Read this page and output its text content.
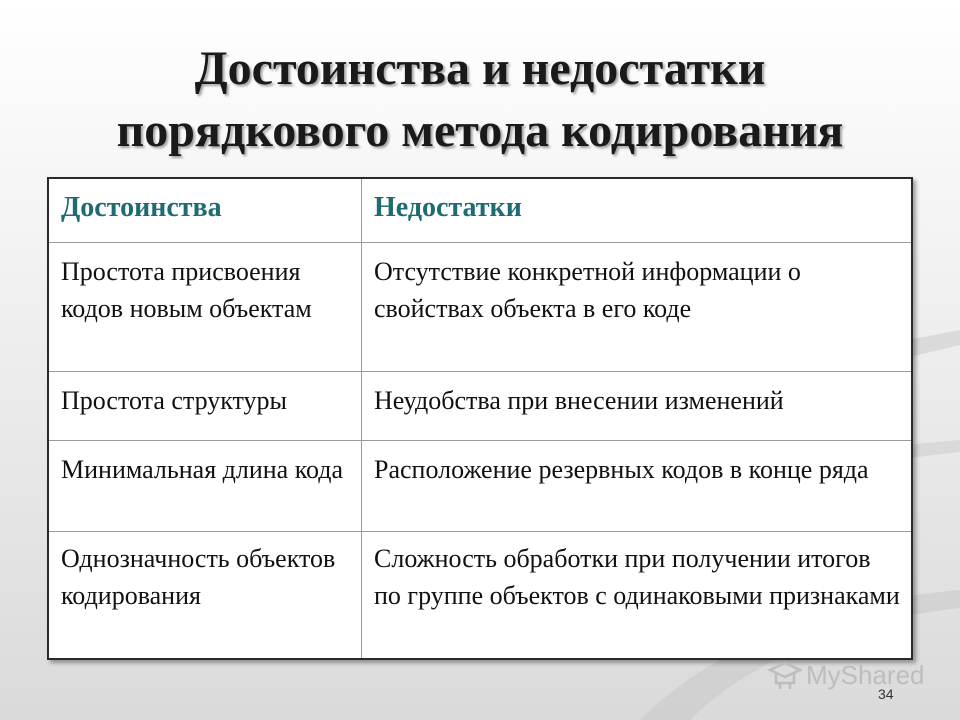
Достоинства и недостатки
порядкового метода кодирования
Достоинства	Недостатки
Простота присвоения кодов новым объектам	Отсутствие конкретной информации о свойствах объекта в его коде
Простота структуры	Неудобства при внесении изменений
Минимальная длина кода	Расположение резервных кодов в конце ряда
Однозначность объектов кодирования	Сложность обработки при получении итогов по группе объектов с одинаковыми признаками
MyShared
34
